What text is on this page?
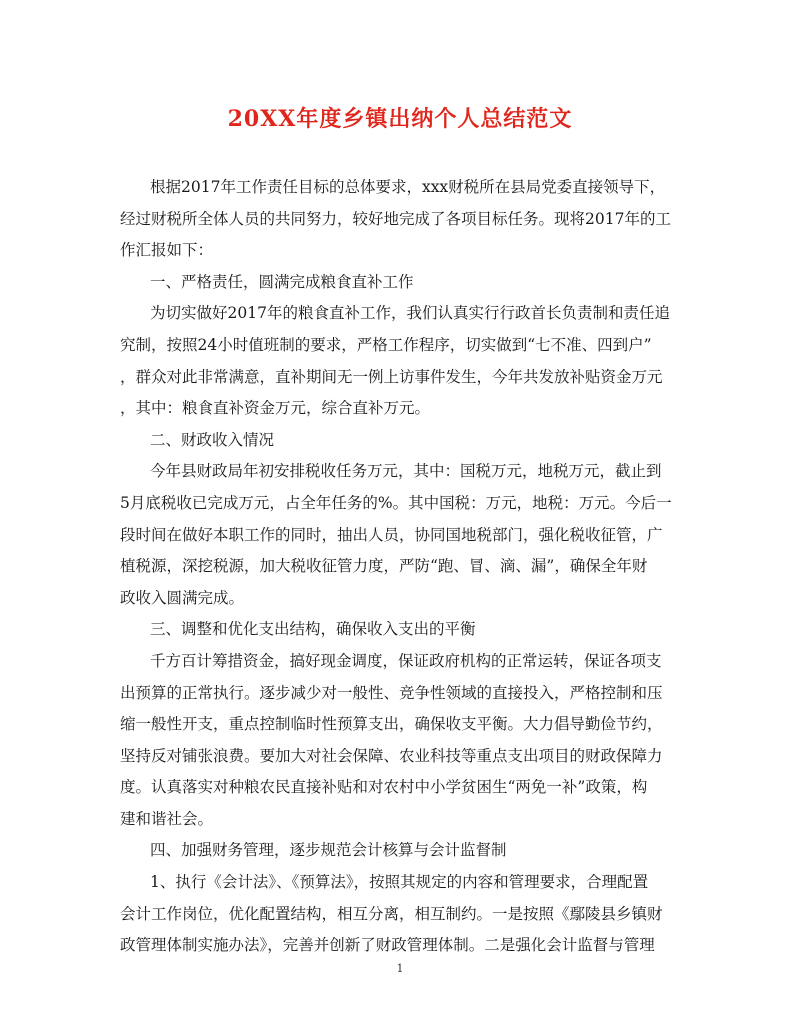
20XX年度乡镇出纳个人总结范文
根据2017年工作责任目标的总体要求，xxx财税所在县局党委直接领导下，
经过财税所全体人员的共同努力，较好地完成了各项目标任务。现将2017年的工
作汇报如下：
一、严格责任，圆满完成粮食直补工作
为切实做好2017年的粮食直补工作，我们认真实行行政首长负责制和责任追
究制，按照24小时值班制的要求，严格工作程序，切实做到“七不准、四到户”
，群众对此非常满意，直补期间无一例上访事件发生，今年共发放补贴资金万元
，其中：粮食直补资金万元，综合直补万元。
二、财政收入情况
今年县财政局年初安排税收任务万元，其中：国税万元，地税万元，截止到
5月底税收已完成万元，占全年任务的%。其中国税：万元，地税：万元。今后一
段时间在做好本职工作的同时，抽出人员，协同国地税部门，强化税收征管，广
植税源，深挖税源，加大税收征管力度，严防“跑、冒、滴、漏”，确保全年财
政收入圆满完成。
三、调整和优化支出结构，确保收入支出的平衡
千方百计筹措资金，搞好现金调度，保证政府机构的正常运转，保证各项支
出预算的正常执行。逐步减少对一般性、竞争性领域的直接投入，严格控制和压
缩一般性开支，重点控制临时性预算支出，确保收支平衡。大力倡导勤俭节约，
坚持反对铺张浪费。要加大对社会保障、农业科技等重点支出项目的财政保障力
度。认真落实对种粮农民直接补贴和对农村中小学贫困生“两免一补”政策，构
建和谐社会。
四、加强财务管理，逐步规范会计核算与会计监督制
1、执行《会计法》、《预算法》，按照其规定的内容和管理要求，合理配置
会计工作岗位，优化配置结构，相互分离，相互制约。一是按照《鄢陵县乡镇财
政管理体制实施办法》，完善并创新了财政管理体制。二是强化会计监督与管理
1
